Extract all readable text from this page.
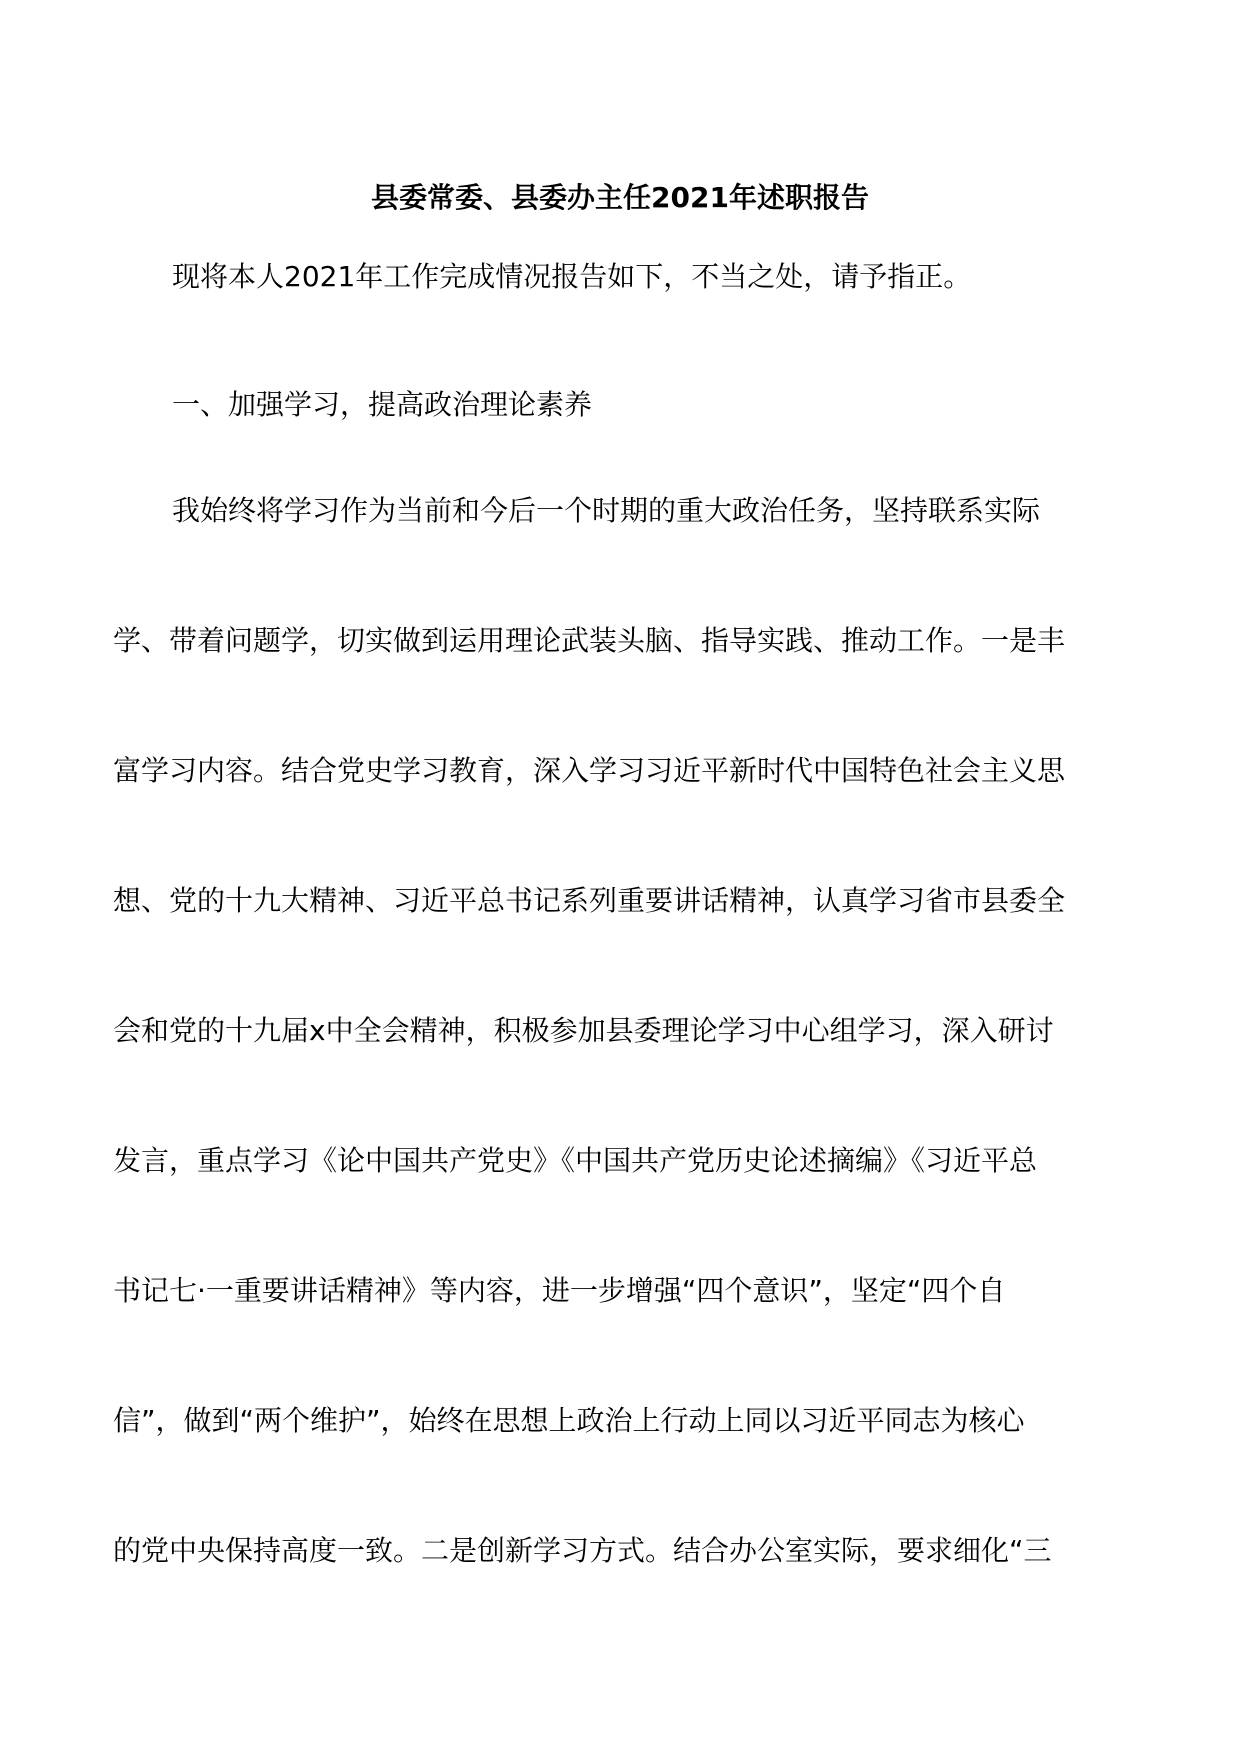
县委常委、县委办主任2021年述职报告
现将本人2021年工作完成情况报告如下，不当之处，请予指正。
一、加强学习，提高政治理论素养
我始终将学习作为当前和今后一个时期的重大政治任务，坚持联系实际
学、带着问题学，切实做到运用理论武装头脑、指导实践、推动工作。一是丰
富学习内容。结合党史学习教育，深入学习习近平新时代中国特色社会主义思
想、党的十九大精神、习近平总书记系列重要讲话精神，认真学习省市县委全
会和党的十九届x中全会精神，积极参加县委理论学习中心组学习，深入研讨
发言，重点学习《论中国共产党史》《中国共产党历史论述摘编》《习近平总
书记七·一重要讲话精神》等内容，进一步增强“四个意识”，坚定“四个自
信”，做到“两个维护”，始终在思想上政治上行动上同以习近平同志为核心
的党中央保持高度一致。二是创新学习方式。结合办公室实际，要求细化“三
